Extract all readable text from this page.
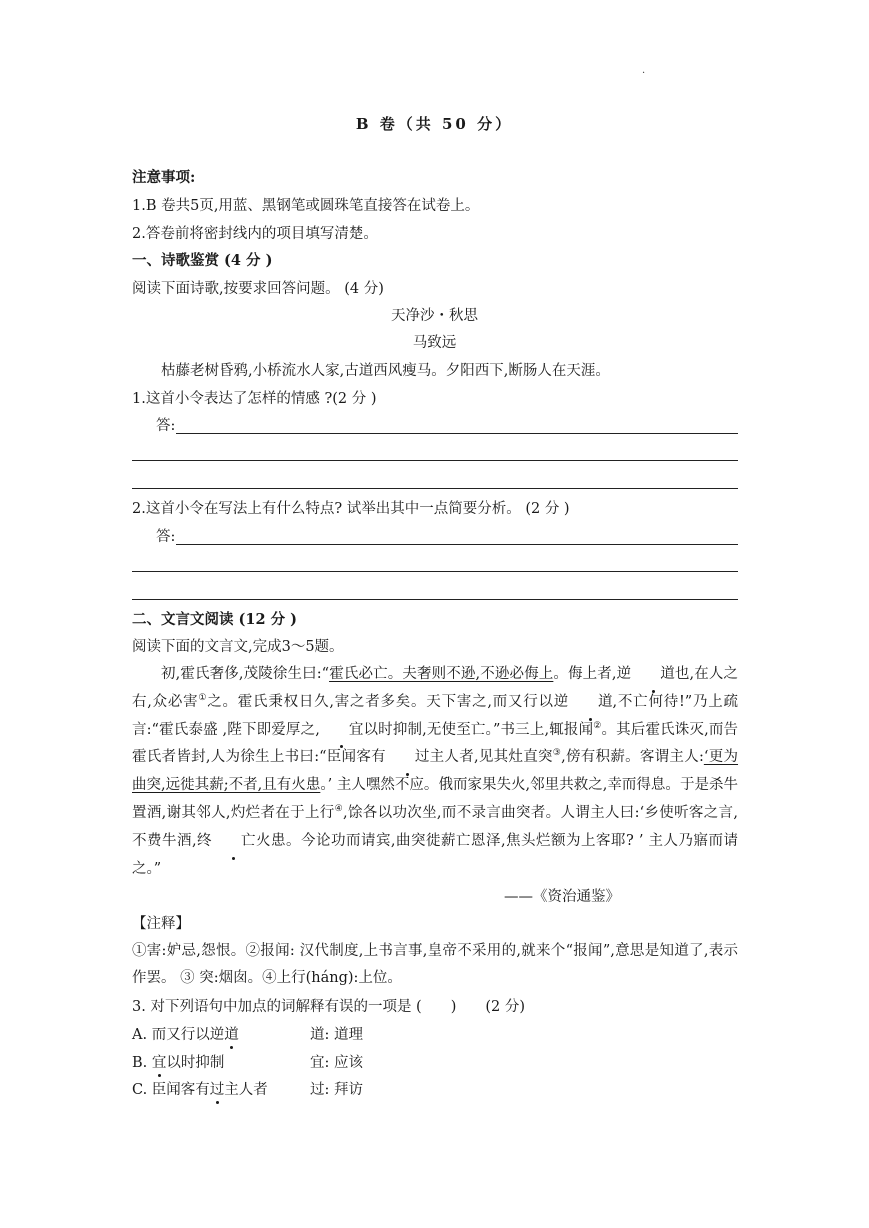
·
B 卷（共 50 分）
注意事项:
1.B 卷共5页,用蓝、黑钢笔或圆珠笔直接答在试卷上。
2.答卷前将密封线内的项目填写清楚。
一、诗歌鉴赏 (4 分 )
阅读下面诗歌,按要求回答问题。 (4 分)
天净沙・秋思
马致远
枯藤老树昏鸦,小桥流水人家,古道西风瘦马。夕阳西下,断肠人在天涯。
1.这首小令表达了怎样的情感 ?(2 分 )
答:
2.这首小令在写法上有什么特点? 试举出其中一点简要分析。 (2 分 )
答:
二、文言文阅读 (12 分 )
阅读下面的文言文,完成3～5题。
初,霍氏奢侈,茂陵徐生曰:“霍氏必亡。夫奢则不逊,不逊必侮上。侮上者,逆 道也,在人之右,众必害①之。霍氏秉权日久,害之者多矣。天下害之,而又行以逆 道,不亡何待!”乃上疏言:“霍氏泰盛 ,陛下即爱厚之, 宜以时抑制,无使至亡。”书三上,辄报闻②。其后霍氏诛灭,而告霍氏者皆封,人为徐生上书曰:“臣闻客有 过主人者,见其灶直突③,傍有积薪。客谓主人:‘更为曲突,远徙其薪;不者,且有火患。’ 主人嘿然不应。俄而家果失火,邻里共救之,幸而得息。于是杀牛置酒,谢其邻人,灼烂者在于上行④,馀各以功次坐,而不录言曲突者。人谓主人曰:‘乡使听客之言,不费牛酒,终 亡火患。今论功而请宾,曲突徙薪亡恩泽,焦头烂额为上客耶? ’ 主人乃寤而请之。”
——《资治通鉴》
【注释】
①害:妒忌,怨恨。②报闻: 汉代制度,上书言事,皇帝不采用的,就来个“报闻”,意思是知道了,表示作罢。 ③ 突:烟囱。④上行(háng):上位。
3. 对下列语句中加点的词解释有误的一项是 (　　)　　(2 分)
A. 而又行以逆道	道: 道理
B. 宜以时抑制	宜: 应该
C. 臣闻客有过主人者	过: 拜访
